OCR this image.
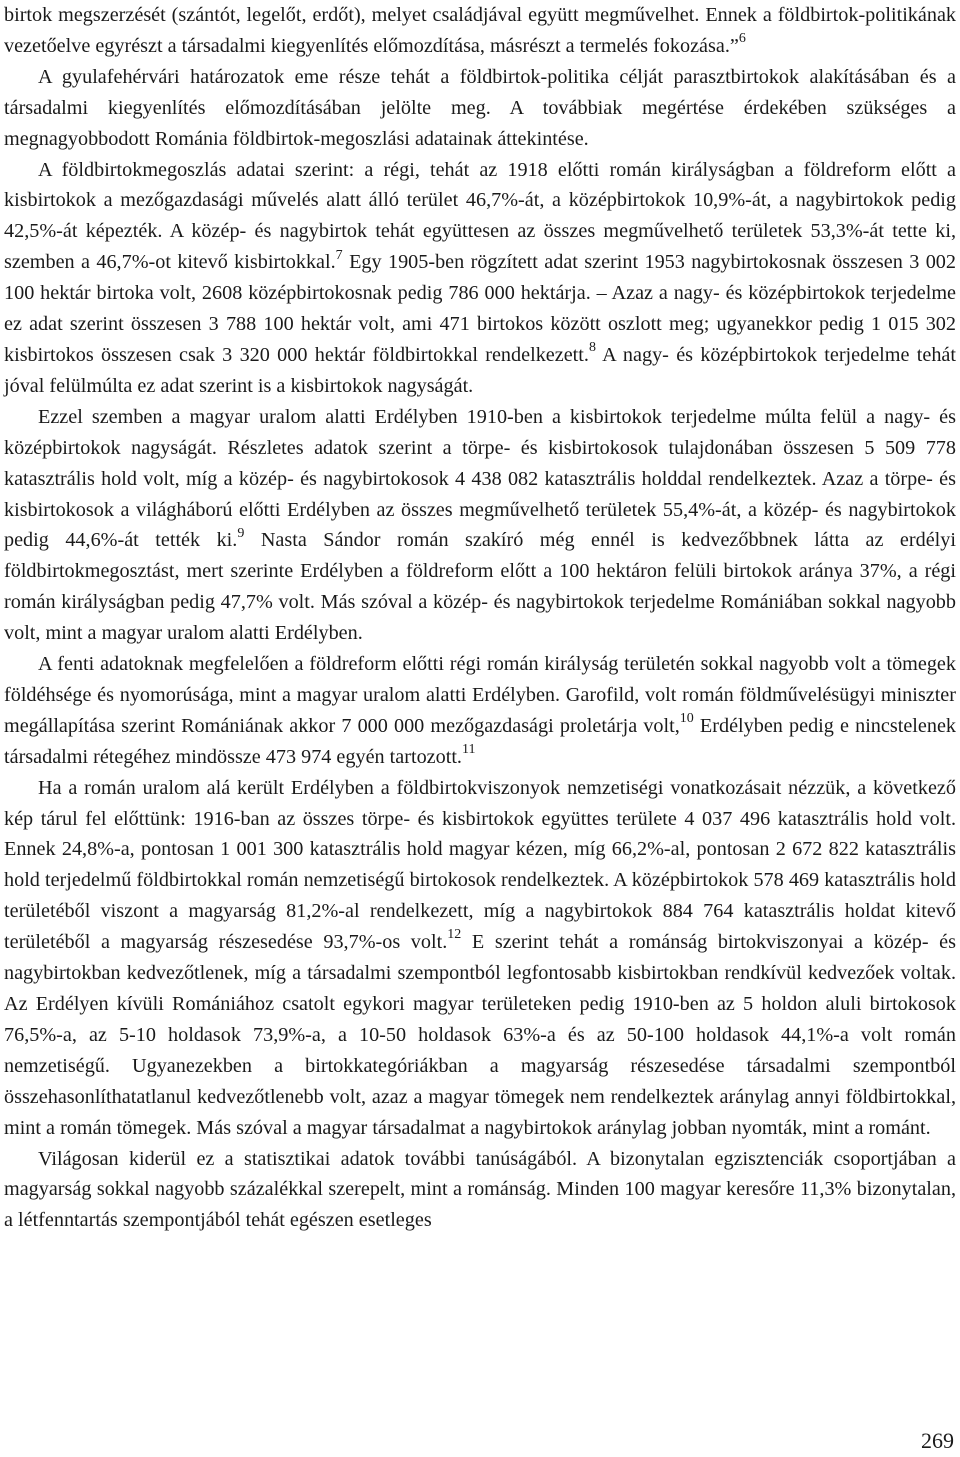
birtok megszerzését (szántót, legelőt, erdőt), melyet családjával együtt megművelhet. Ennek a földbirtok-politikának vezetőelve egyrészt a társadalmi kiegyenlítés előmozdítása, másrészt a termelés fokozása.”$^6$

A gyulafehérvári határozatok eme része tehát a földbirtok-politika célját parasztbirtokok alakításában és a társadalmi kiegyenlítés előmozdításában jelölte meg. A továbbiak megértése érdekében szükséges a megnagyobbodott Románia földbirtok-megoszlási adatainak áttekintése.

A földbirtokmegoszlás adatai szerint: a régi, tehát az 1918 előtti román királyságban a földreform előtt a kisbirtokok a mezőgazdasági művelés alatt álló terület 46,7%-át, a középbirtokok 10,9%-át, a nagybirtokok pedig 42,5%-át képezték. A közép- és nagybirtok tehát együttesen az összes megművelhető területek 53,3%-át tette ki, szemben a 46,7%-ot kitevő kisbirtokkal.$^7$ Egy 1905-ben rögzített adat szerint 1953 nagybirtokosnak összesen 3 002 100 hektár birtoka volt, 2608 középbirtokosnak pedig 786 000 hektárja. – Azaz a nagy- és középbirtokok terjedelme ez adat szerint összesen 3 788 100 hektár volt, ami 471 birtokos között oszlott meg; ugyanekkor pedig 1 015 302 kisbirtokos összesen csak 3 320 000 hektár földbirtokkal rendelkezett.$^8$ A nagy- és középbirtokok terjedelme tehát jóval felülmúlta ez adat szerint is a kisbirtokok nagyságát.

Ezzel szemben a magyar uralom alatti Erdélyben 1910-ben a kisbirtokok terjedelme múlta felül a nagy- és középbirtokok nagyságát. Részletes adatok szerint a törpe- és kisbirtokosok tulajdonában összesen 5 509 778 katasztrális hold volt, míg a közép- és nagybirtokosok 4 438 082 katasztrális holddal rendelkeztek. Azaz a törpe- és kisbirtokosok a világháború előtti Erdélyben az összes megművelhető területek 55,4%-át, a közép- és nagybirtokok pedig 44,6%-át tették ki.$^9$ Nasta Sándor román szakíró még ennél is kedvezőbbnek látta az erdélyi földbirtokmegosztást, mert szerinte Erdélyben a földreform előtt a 100 hektáron felüli birtokok aránya 37%, a régi román királyságban pedig 47,7% volt. Más szóval a közép- és nagybirtokok terjedelme Romániában sokkal nagyobb volt, mint a magyar uralom alatti Erdélyben.

A fenti adatoknak megfelelően a földreform előtti régi román királyság területén sokkal nagyobb volt a tömegek földéhsége és nyomorúsága, mint a magyar uralom alatti Erdélyben. Garofild, volt román földművelésügyi miniszter megállapítása szerint Romániának akkor 7 000 000 mezőgazdasági proletárja volt,$^{10}$ Erdélyben pedig e nincstelenek társadalmi rétegéhez mindössze 473 974 egyén tartozott.$^{11}$

Ha a román uralom alá került Erdélyben a földbirtokviszonyok nemzetiségi vonatkozásait nézzük, a következő kép tárul fel előttünk: 1916-ban az összes törpe- és kisbirtokok együttes területe 4 037 496 katasztrális hold volt. Ennek 24,8%-a, pontosan 1 001 300 katasztrális hold magyar kézen, míg 66,2%-al, pontosan 2 672 822 katasztrális hold terjedelmű földbirtokkal román nemzetiségű birtokosok rendelkeztek. A középbirtokok 578 469 katasztrális hold területéből viszont a magyarság 81,2%-al rendelkezett, míg a nagybirtokok 884 764 katasztrális holdat kitevő területéből a magyarság részesedése 93,7%-os volt.$^{12}$ E szerint tehát a románság birtokviszonyai a közép- és nagybirtokban kedvezőtlenek, míg a társadalmi szempontból legfontosabb kisbirtokban rendkívül kedvezőek voltak. Az Erdélyen kívüli Romániához csatolt egykori magyar területeken pedig 1910-ben az 5 holdon aluli birtokosok 76,5%-a, az 5-10 holdasok 73,9%-a, a 10-50 holdasok 63%-a és az 50-100 holdasok 44,1%-a volt román nemzetiségű. Ugyanezekben a birtokkategóriákban a magyarság részesedése társadalmi szempontból összehasonlíthatatlanul kedvezőtlenebb volt, azaz a magyar tömegek nem rendelkeztek aránylag annyi földbirtokkal, mint a román tömegek. Más szóval a magyar társadalmat a nagybirtokok aránylag jobban nyomták, mint a románt.

Világosan kiderül ez a statisztikai adatok további tanúságából. A bizonytalan egzisztenciák csoportjában a magyarság sokkal nagyobb százalékkal szerepelt, mint a románság. Minden 100 magyar keresőre 11,3% bizonytalan, a létfenntartás szempontjából tehát egészen esetleges

269
